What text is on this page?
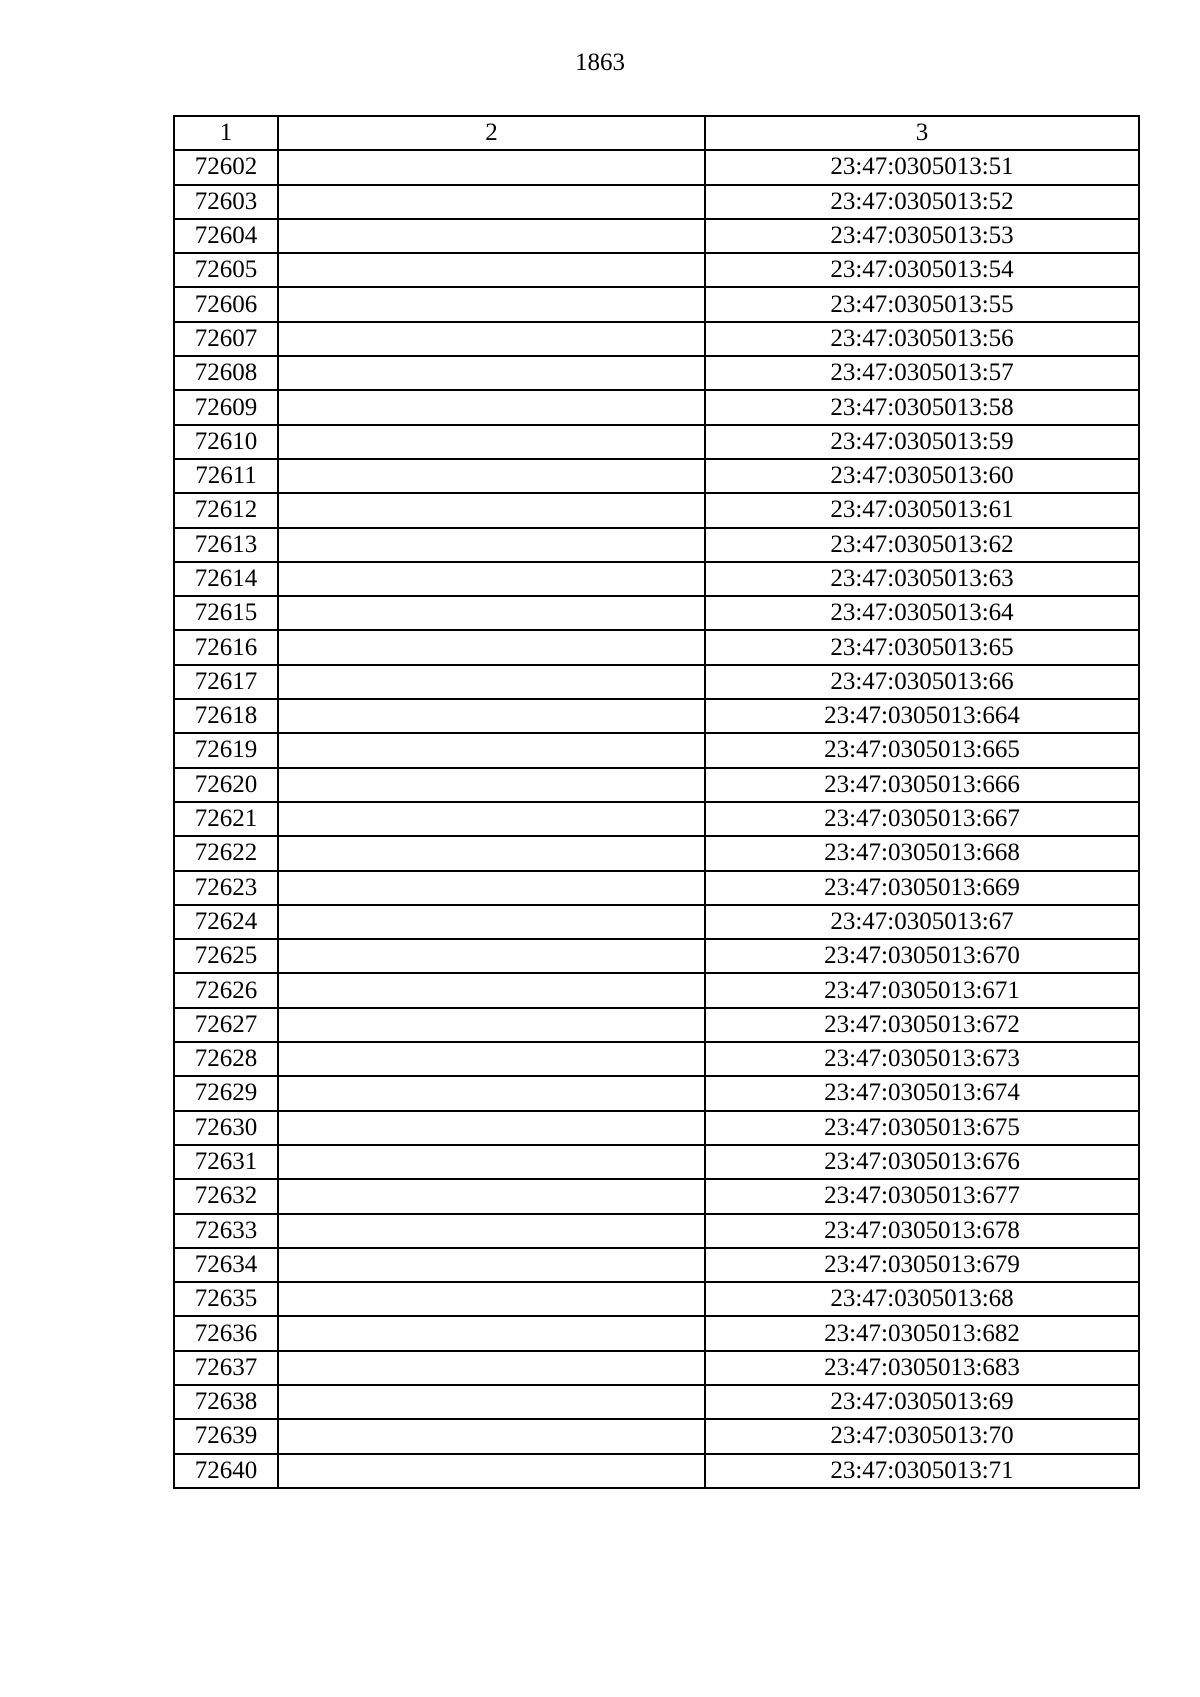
1863
1	2	3
72602		23:47:0305013:51
72603		23:47:0305013:52
72604		23:47:0305013:53
72605		23:47:0305013:54
72606		23:47:0305013:55
72607		23:47:0305013:56
72608		23:47:0305013:57
72609		23:47:0305013:58
72610		23:47:0305013:59
72611		23:47:0305013:60
72612		23:47:0305013:61
72613		23:47:0305013:62
72614		23:47:0305013:63
72615		23:47:0305013:64
72616		23:47:0305013:65
72617		23:47:0305013:66
72618		23:47:0305013:664
72619		23:47:0305013:665
72620		23:47:0305013:666
72621		23:47:0305013:667
72622		23:47:0305013:668
72623		23:47:0305013:669
72624		23:47:0305013:67
72625		23:47:0305013:670
72626		23:47:0305013:671
72627		23:47:0305013:672
72628		23:47:0305013:673
72629		23:47:0305013:674
72630		23:47:0305013:675
72631		23:47:0305013:676
72632		23:47:0305013:677
72633		23:47:0305013:678
72634		23:47:0305013:679
72635		23:47:0305013:68
72636		23:47:0305013:682
72637		23:47:0305013:683
72638		23:47:0305013:69
72639		23:47:0305013:70
72640		23:47:0305013:71
